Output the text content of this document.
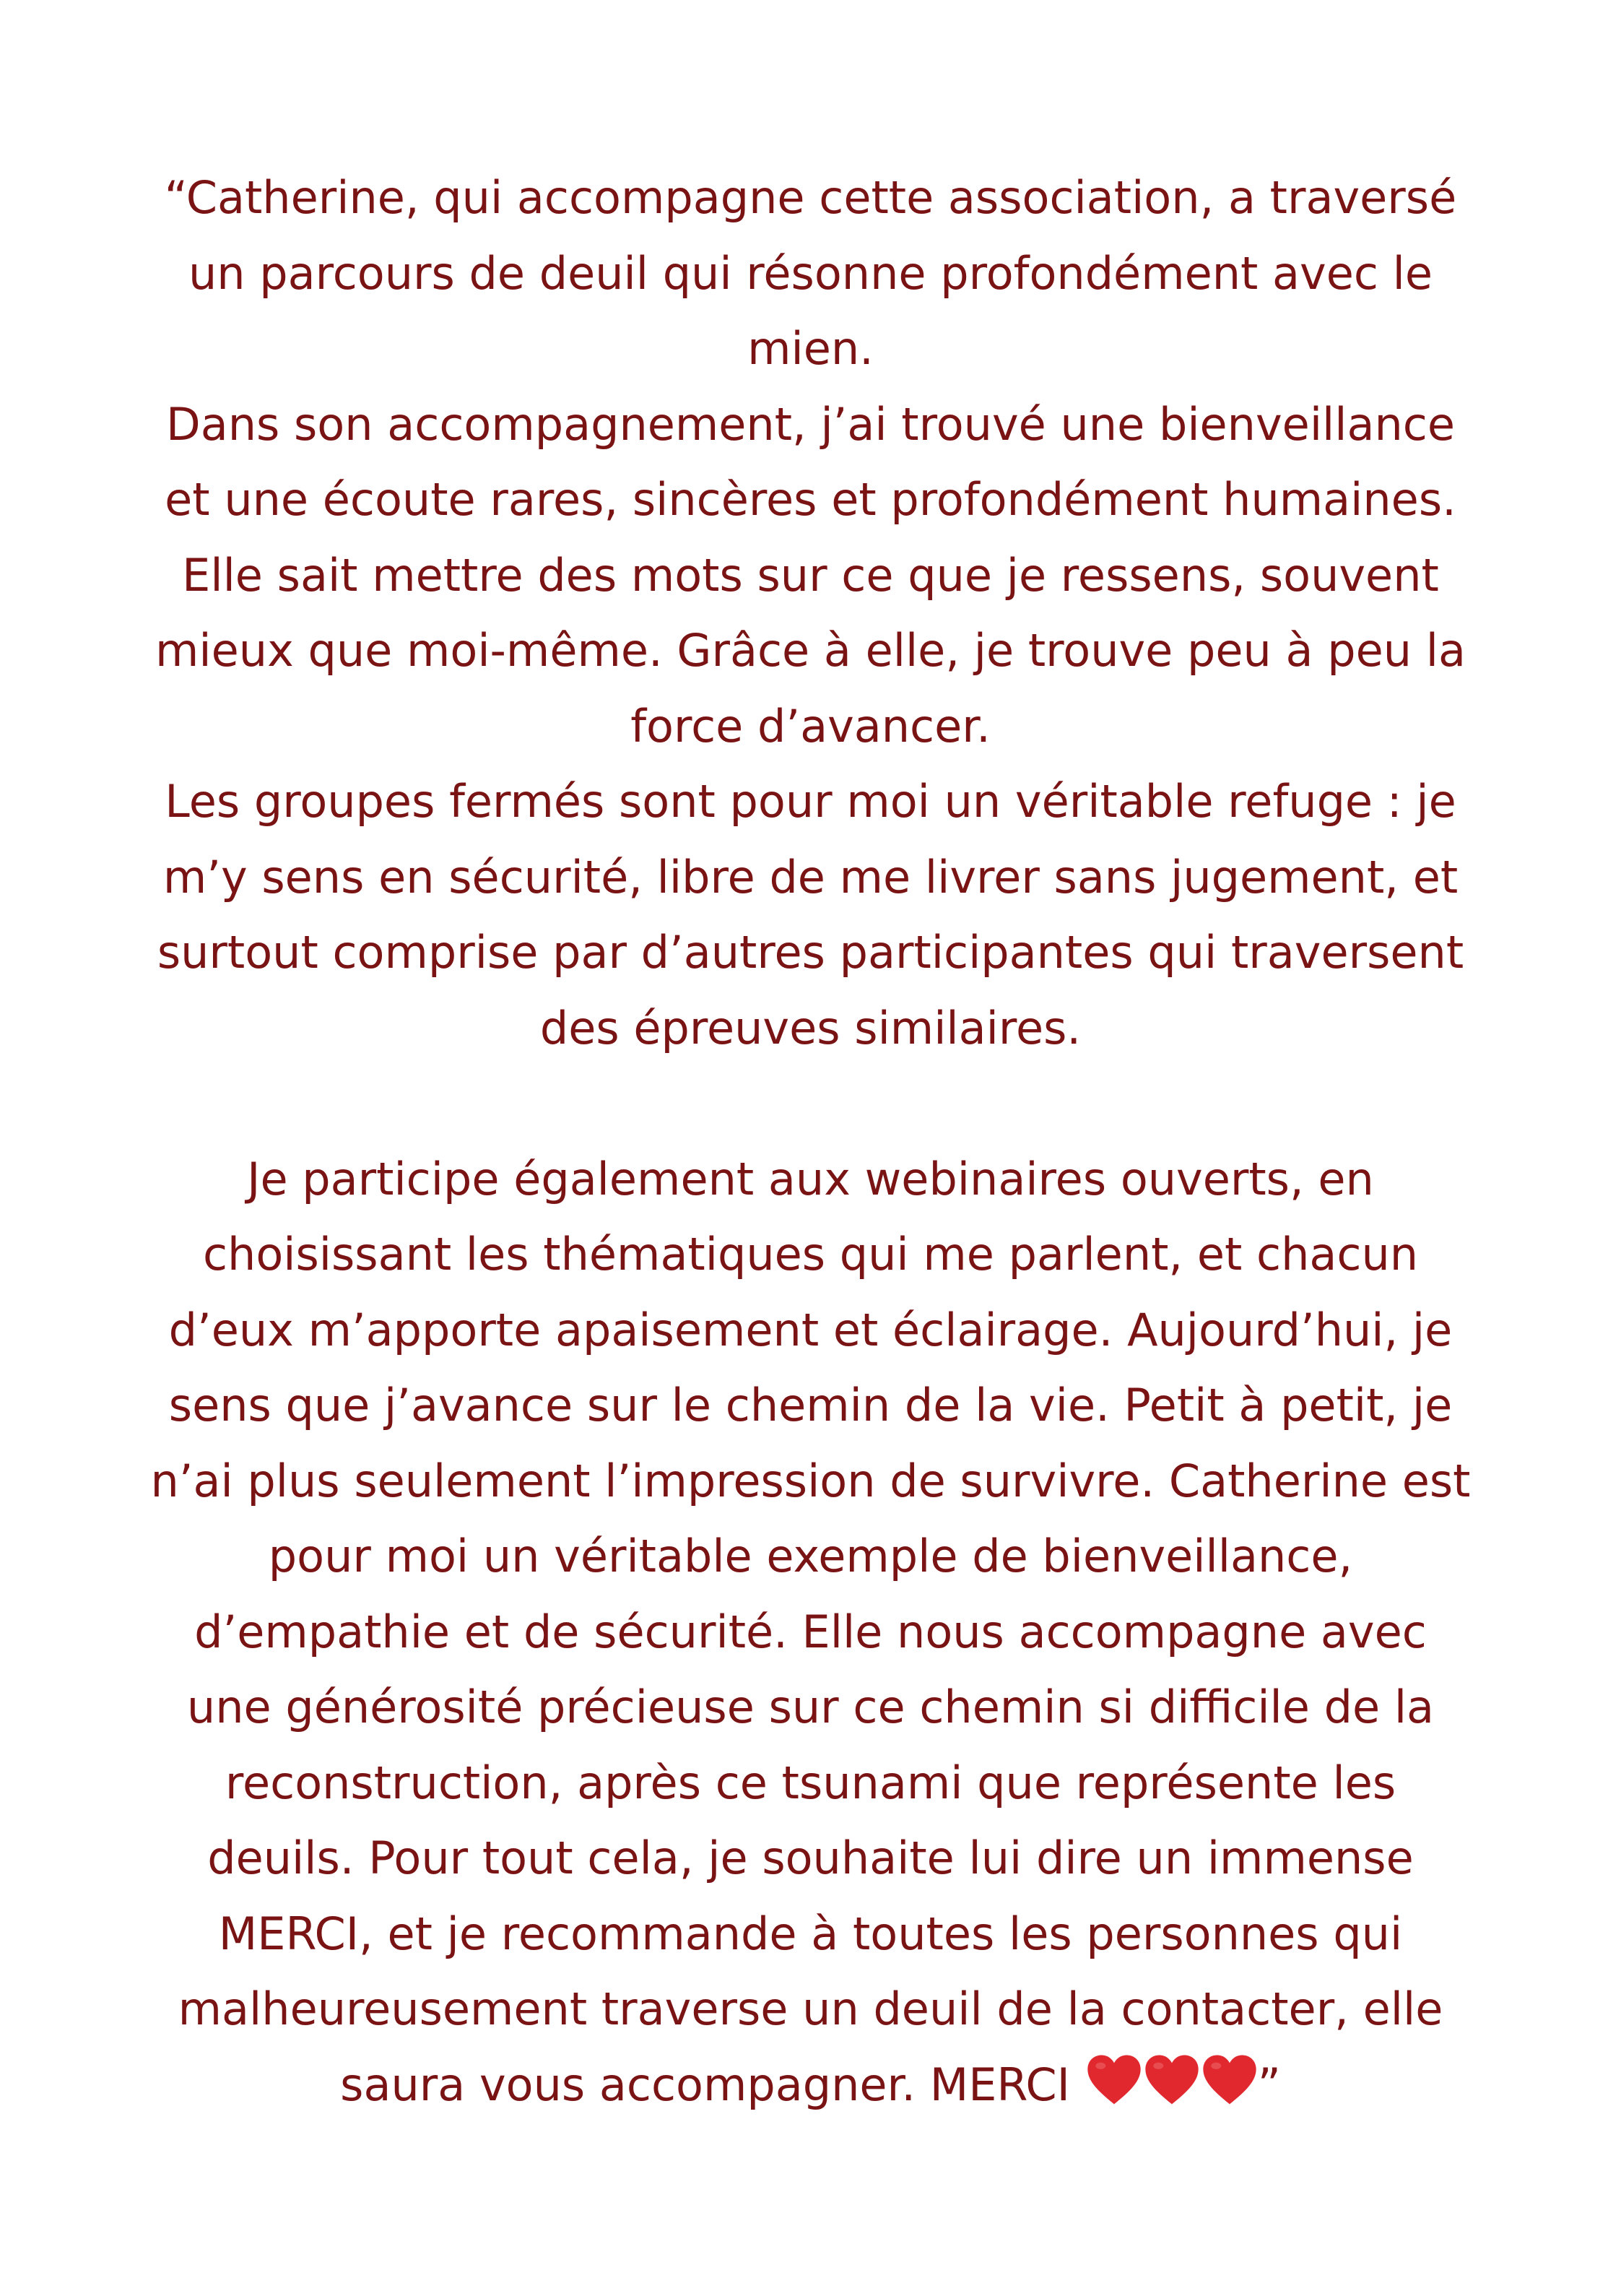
“Catherine, qui accompagne cette association, a traversé
un parcours de deuil qui résonne profondément avec le
mien.
Dans son accompagnement, j’ai trouvé une bienveillance
et une écoute rares, sincères et profondément humaines.
Elle sait mettre des mots sur ce que je ressens, souvent
mieux que moi-même. Grâce à elle, je trouve peu à peu la
force d’avancer.
Les groupes fermés sont pour moi un véritable refuge : je
m’y sens en sécurité, libre de me livrer sans jugement, et
surtout comprise par d’autres participantes qui traversent
des épreuves similaires.
Je participe également aux webinaires ouverts, en
choisissant les thématiques qui me parlent, et chacun
d’eux m’apporte apaisement et éclairage. Aujourd’hui, je
sens que j’avance sur le chemin de la vie. Petit à petit, je
n’ai plus seulement l’impression de survivre. Catherine est
pour moi un véritable exemple de bienveillance,
d’empathie et de sécurité. Elle nous accompagne avec
une générosité précieuse sur ce chemin si difficile de la
reconstruction, après ce tsunami que représente les
deuils. Pour tout cela, je souhaite lui dire un immense
MERCI, et je recommande à toutes les personnes qui
malheureusement traverse un deuil de la contacter, elle
saura vous accompagner. MERCI	”
